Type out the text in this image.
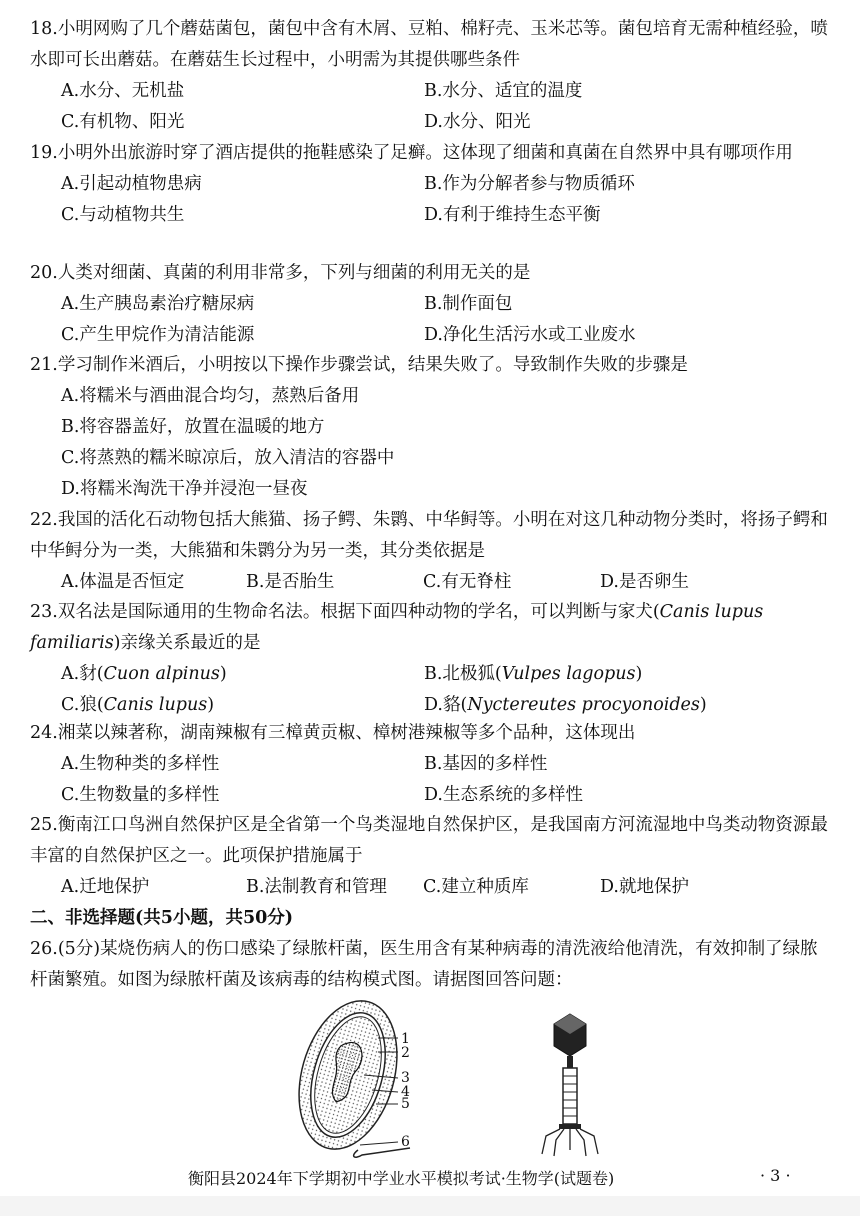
18.小明网购了几个蘑菇菌包，菌包中含有木屑、豆粕、棉籽壳、玉米芯等。菌包培育无需种植经验，喷水即可长出蘑菇。在蘑菇生长过程中，小明需为其提供哪些条件
A.水分、无机盐	B.水分、适宜的温度
C.有机物、阳光	D.水分、阳光
19.小明外出旅游时穿了酒店提供的拖鞋感染了足癣。这体现了细菌和真菌在自然界中具有哪项作用
A.引起动植物患病	B.作为分解者参与物质循环
C.与动植物共生	D.有利于维持生态平衡
20.人类对细菌、真菌的利用非常多，下列与细菌的利用无关的是
A.生产胰岛素治疗糖尿病	B.制作面包
C.产生甲烷作为清洁能源	D.净化生活污水或工业废水
21.学习制作米酒后，小明按以下操作步骤尝试，结果失败了。导致制作失败的步骤是
A.将糯米与酒曲混合均匀，蒸熟后备用
B.将容器盖好，放置在温暖的地方
C.将蒸熟的糯米晾凉后，放入清洁的容器中
D.将糯米淘洗干净并浸泡一昼夜
22.我国的活化石动物包括大熊猫、扬子鳄、朱鹮、中华鲟等。小明在对这几种动物分类时，将扬子鳄和中华鲟分为一类，大熊猫和朱鹮分为另一类，其分类依据是
A.体温是否恒定	B.是否胎生	C.有无脊柱	D.是否卵生
23.双名法是国际通用的生物命名法。根据下面四种动物的学名，可以判断与家犬(Canis lupus familiaris)亲缘关系最近的是
A.豺(Cuon alpinus)	B.北极狐(Vulpes lagopus)
C.狼(Canis lupus)	D.貉(Nyctereutes procyonoides)
24.湘菜以辣著称，湖南辣椒有三樟黄贡椒、樟树港辣椒等多个品种，这体现出
A.生物种类的多样性	B.基因的多样性
C.生物数量的多样性	D.生态系统的多样性
25.衡南江口鸟洲自然保护区是全省第一个鸟类湿地自然保护区，是我国南方河流湿地中鸟类动物资源最丰富的自然保护区之一。此项保护措施属于
A.迁地保护	B.法制教育和管理 C.建立种质库	D.就地保护
二、非选择题(共5小题，共50分)
26.(5分)某烧伤病人的伤口感染了绿脓杆菌，医生用含有某种病毒的清洗液给他清洗，有效抑制了绿脓杆菌繁殖。如图为绿脓杆菌及该病毒的结构模式图。请据图回答问题：
1
2
3
4
5
6
衡阳县2024年下学期初中学业水平模拟考试·生物学(试题卷)	· 3 ·
